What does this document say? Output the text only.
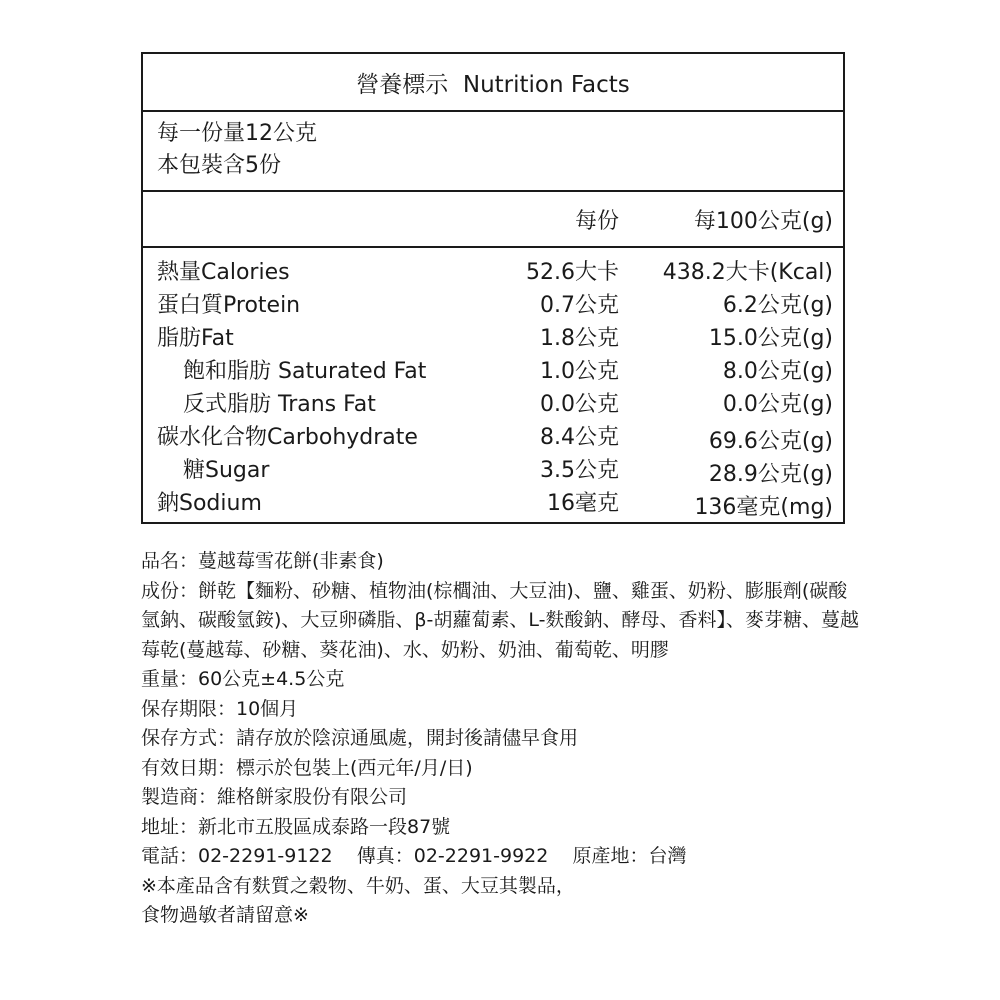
營養標示  Nutrition Facts
每一份量12公克
本包裝含5份
每份	每100公克(g)
熱量Calories	52.6大卡 438.2大卡(Kcal)
蛋白質Protein	0.7公克	6.2公克(g)
脂肪Fat	1.8公克	15.0公克(g)
飽和脂肪 Saturated Fat	1.0公克	8.0公克(g)
反式脂肪 Trans Fat	0.0公克	0.0公克(g)
碳水化合物Carbohydrate	8.4公克	69.6公克(g)
糖Sugar	3.5公克	28.9公克(g)
鈉Sodium	16毫克	136毫克(mg)

品名：蔓越莓雪花餅(非素食)

成份：餅乾【麵粉、砂糖、植物油(棕櫚油、大豆油)、鹽、雞蛋、奶粉、膨脹劑(碳酸氫鈉、碳酸氫銨)、大豆卵磷脂、β-胡蘿蔔素、L-麩酸鈉、酵母、香料】、麥芽糖、蔓越莓乾(蔓越莓、砂糖、葵花油)、水、奶粉、奶油、葡萄乾、明膠

重量：60公克±4.5公克

保存期限：10個月

保存方式：請存放於陰涼通風處，開封後請儘早食用

有效日期：標示於包裝上(西元年/月/日)

製造商：維格餅家股份有限公司

地址：新北市五股區成泰路一段87號

電話：02-2291-9122    傳真：02-2291-9922    原產地：台灣

※本產品含有麩質之穀物、牛奶、蛋、大豆其製品，

食物過敏者請留意※
